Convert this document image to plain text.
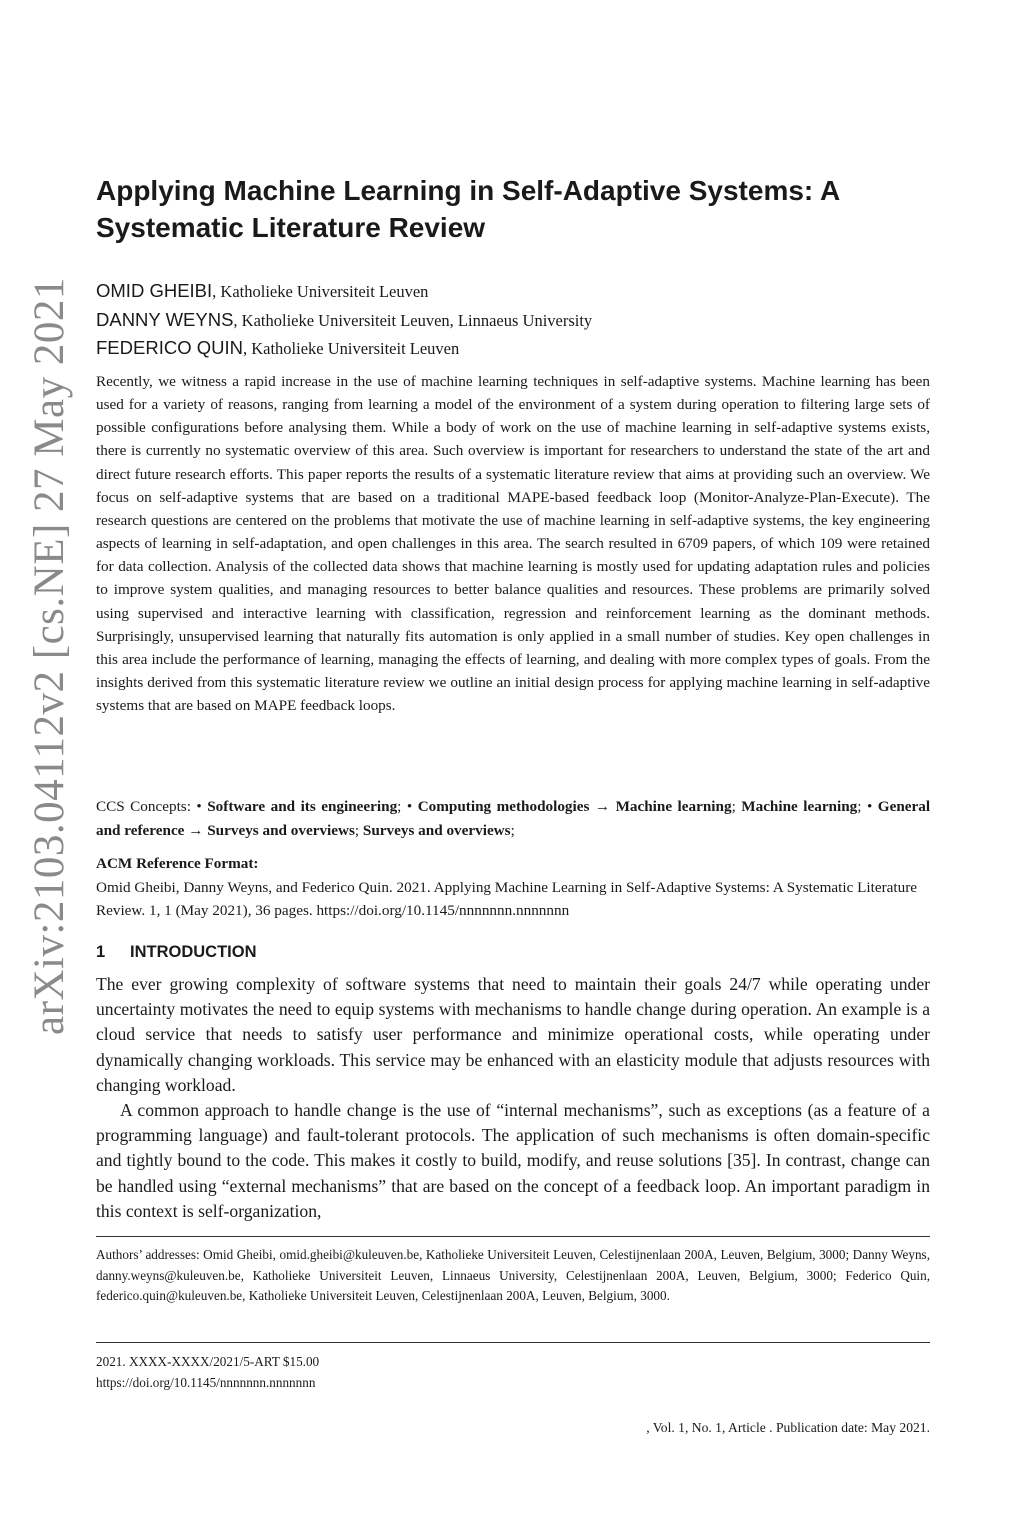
arXiv:2103.04112v2 [cs.NE] 27 May 2021
Applying Machine Learning in Self-Adaptive Systems: A Systematic Literature Review
OMID GHEIBI, Katholieke Universiteit Leuven
DANNY WEYNS, Katholieke Universiteit Leuven, Linnaeus University
FEDERICO QUIN, Katholieke Universiteit Leuven

Recently, we witness a rapid increase in the use of machine learning techniques in self-adaptive systems. Machine learning has been used for a variety of reasons, ranging from learning a model of the environment of a system during operation to filtering large sets of possible configurations before analysing them. While a body of work on the use of machine learning in self-adaptive systems exists, there is currently no systematic overview of this area. Such overview is important for researchers to understand the state of the art and direct future research efforts. This paper reports the results of a systematic literature review that aims at providing such an overview. We focus on self-adaptive systems that are based on a traditional MAPE-based feedback loop (Monitor-Analyze-Plan-Execute). The research questions are centered on the problems that motivate the use of machine learning in self-adaptive systems, the key engineering aspects of learning in self-adaptation, and open challenges in this area. The search resulted in 6709 papers, of which 109 were retained for data collection. Analysis of the collected data shows that machine learning is mostly used for updating adaptation rules and policies to improve system qualities, and managing resources to better balance qualities and resources. These problems are primarily solved using supervised and interactive learning with classification, regression and reinforcement learning as the dominant methods. Surprisingly, unsupervised learning that naturally fits automation is only applied in a small number of studies. Key open challenges in this area include the performance of learning, managing the effects of learning, and dealing with more complex types of goals. From the insights derived from this systematic literature review we outline an initial design process for applying machine learning in self-adaptive systems that are based on MAPE feedback loops.

CCS Concepts: • Software and its engineering; • Computing methodologies → Machine learning; Machine learning; • General and reference → Surveys and overviews; Surveys and overviews;
ACM Reference Format:

Omid Gheibi, Danny Weyns, and Federico Quin. 2021. Applying Machine Learning in Self-Adaptive Systems: A Systematic Literature Review. 1, 1 (May 2021), 36 pages. https://doi.org/10.1145/nnnnnnn.nnnnnnn

1 INTRODUCTION

The ever growing complexity of software systems that need to maintain their goals 24/7 while operating under uncertainty motivates the need to equip systems with mechanisms to handle change during operation. An example is a cloud service that needs to satisfy user performance and minimize operational costs, while operating under dynamically changing workloads. This service may be enhanced with an elasticity module that adjusts resources with changing workload.

A common approach to handle change is the use of “internal mechanisms”, such as exceptions (as a feature of a programming language) and fault-tolerant protocols. The application of such mechanisms is often domain-specific and tightly bound to the code. This makes it costly to build, modify, and reuse solutions [35]. In contrast, change can be handled using “external mechanisms” that are based on the concept of a feedback loop. An important paradigm in this context is self-organization,

Authors’ addresses: Omid Gheibi, omid.gheibi@kuleuven.be, Katholieke Universiteit Leuven, Celestijnenlaan 200A, Leuven, Belgium, 3000; Danny Weyns, danny.weyns@kuleuven.be, Katholieke Universiteit Leuven, Linnaeus University, Celestijnenlaan 200A, Leuven, Belgium, 3000; Federico Quin, federico.quin@kuleuven.be, Katholieke Universiteit Leuven, Celestijnenlaan 200A, Leuven, Belgium, 3000.

2021. XXXX-XXXX/2021/5-ART $15.00
https://doi.org/10.1145/nnnnnnn.nnnnnnn
, Vol. 1, No. 1, Article . Publication date: May 2021.
